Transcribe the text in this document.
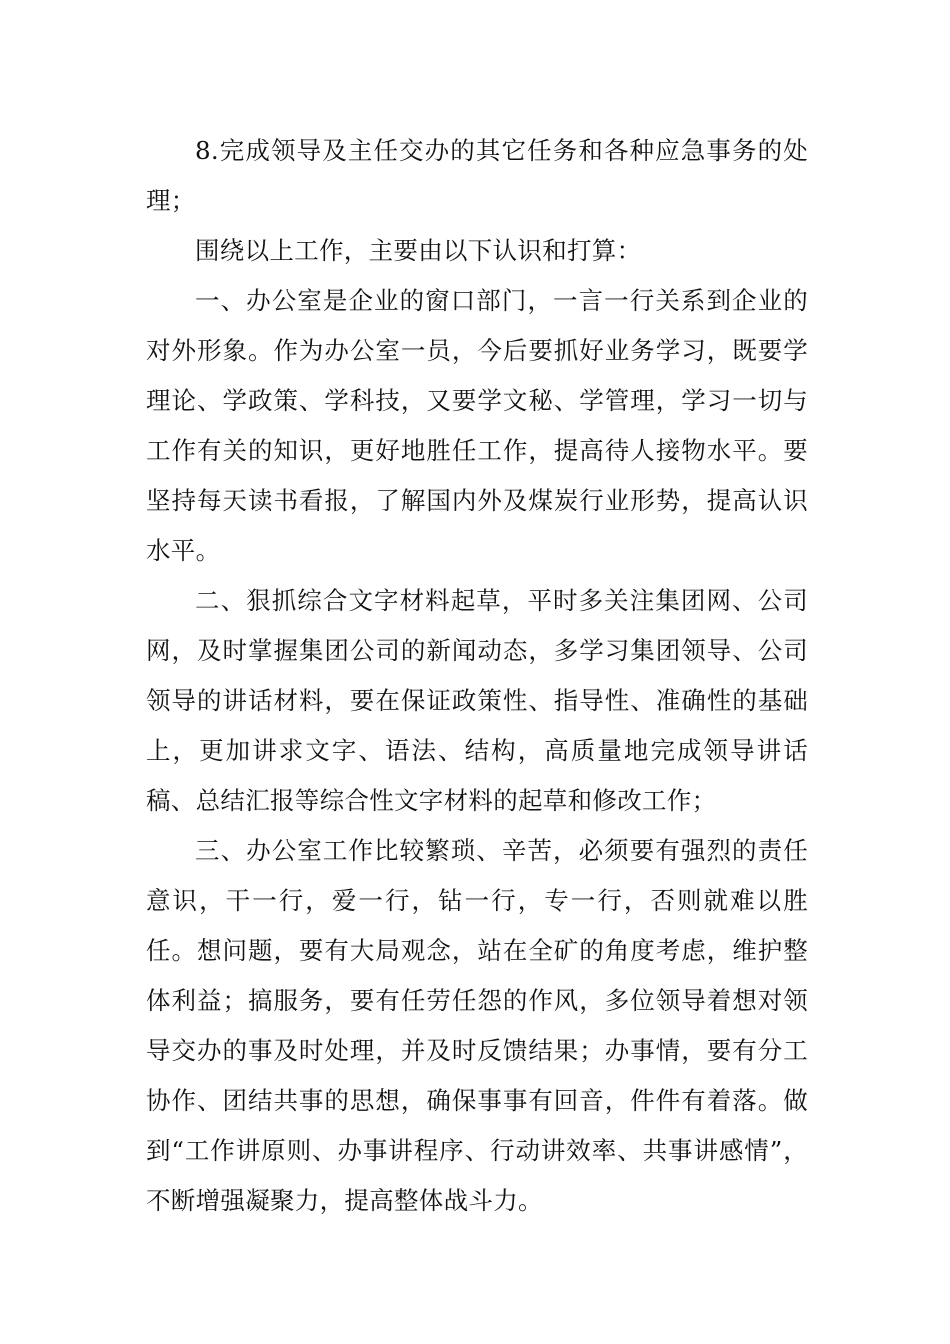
8.完成领导及主任交办的其它任务和各种应急事务的处理；

围绕以上工作，主要由以下认识和打算：

一、办公室是企业的窗口部门，一言一行关系到企业的对外形象。作为办公室一员，今后要抓好业务学习，既要学理论、学政策、学科技，又要学文秘、学管理，学习一切与工作有关的知识，更好地胜任工作，提高待人接物水平。要坚持每天读书看报，了解国内外及煤炭行业形势，提高认识水平。

二、狠抓综合文字材料起草，平时多关注集团网、公司网，及时掌握集团公司的新闻动态，多学习集团领导、公司领导的讲话材料，要在保证政策性、指导性、准确性的基础上，更加讲求文字、语法、结构，高质量地完成领导讲话稿、总结汇报等综合性文字材料的起草和修改工作；

三、办公室工作比较繁琐、辛苦，必须要有强烈的责任意识，干一行，爱一行，钻一行，专一行，否则就难以胜任。想问题，要有大局观念，站在全矿的角度考虑，维护整体利益；搞服务，要有任劳任怨的作风，多位领导着想对领导交办的事及时处理，并及时反馈结果；办事情，要有分工协作、团结共事的思想，确保事事有回音，件件有着落。做到“工作讲原则、办事讲程序、行动讲效率、共事讲感情”，不断增强凝聚力，提高整体战斗力。
